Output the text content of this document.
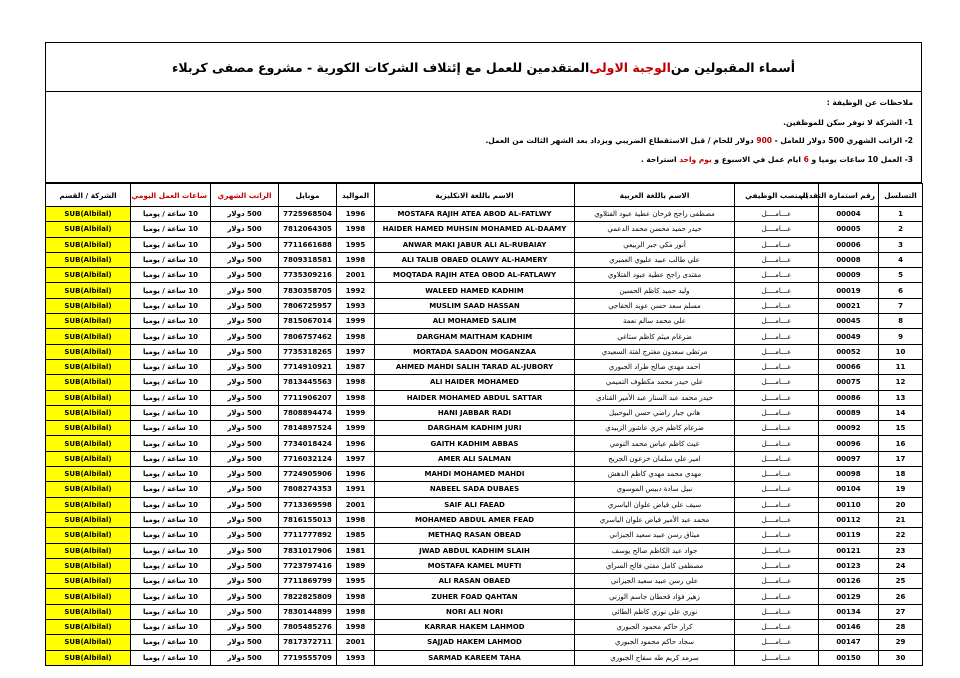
أسماء المقبولين من
الوجبة الاولى
المتقدمين للعمل مع إئتلاف الشركات الكورية - مشروع مصفى كربلاء
ملاحظات عن الوظيفة :
1- الشركة لا توفر سكن للموظفين.
2- الراتب الشهري 500 دولار للعامل - 900 دولار للحام / قبل الاستقطاع الضريبي ويزداد بعد الشهر الثالث من العمل.
3- العمل 10 ساعات يوميا و 6 ايام عمل في الاسبوع و يوم واحد استراحة .
التسلسل	رقم استمارة التقديم	المنصب الوظيفي	الاسم باللغة العربية	الاسم باللغة الانكليزية	المواليد	موبايل	الراتب الشهري	ساعات العمل اليومي	الشركة / القسم
1	00004	عـــامــــل	مصطفى راجح فرحان عطية عبود الفتلاوي	MOSTAFA RAJIH ATEA ABOD AL-FATLWY	1996	7725968504	500 دولار	10 ساعة / يوميا	(Albilal)SUB
2	00005	عـــامــــل	حيدر حميد محسن محمد الدعمي	HAIDER HAMED MUHSIN MOHAMED AL-DAAMY	1998	7812064305	500 دولار	10 ساعة / يوميا	(Albilal)SUB
3	00006	عـــامــــل	أنور مكي جبر الربيعي	ANWAR MAKI JABUR ALI AL-RUBAIAY	1995	7711661688	500 دولار	10 ساعة / يوميا	(Albilal)SUB
4	00008	عـــامــــل	علي طالب عبيد عليوي العميري	ALI TALIB OBAED OLAWY AL-HAMERY	1998	7809318581	500 دولار	10 ساعة / يوميا	(Albilal)SUB
5	00009	عـــامــــل	مقتدى راجح عطية عبود الفتلاوي	MOQTADA RAJIH ATEA OBOD AL-FATLAWY	2001	7735309216	500 دولار	10 ساعة / يوميا	(Albilal)SUB
6	00019	عـــامــــل	وليد حميد كاظم الحسين	WALEED HAMED KADHIM	1992	7830358705	500 دولار	10 ساعة / يوميا	(Albilal)SUB
7	00021	عـــامــــل	مسلم سعد حسن عويد الخفاجي	MUSLIM SAAD HASSAN	1993	7806725957	500 دولار	10 ساعة / يوميا	(Albilal)SUB
8	00045	عـــامــــل	علي محمد سالم نعمة	ALI MOHAMED SALIM	1999	7815067014	500 دولار	10 ساعة / يوميا	(Albilal)SUB
9	00049	عـــامــــل	ضرغام ميثم كاظم ستاغي	DARGHAM MAITHAM KADHIM	1998	7806757462	500 دولار	10 ساعة / يوميا	(Albilal)SUB
10	00052	عـــامــــل	مرتظى سعدون مغترج لفتة السعيدي	MORTADA SAADON MOGANZAA	1997	7735318265	500 دولار	10 ساعة / يوميا	(Albilal)SUB
11	00066	عـــامــــل	احمد مهدي صالح طراد الجبوري	AHMED MAHDI SALIH TARAD AL-JUBORY	1987	7714910921	500 دولار	10 ساعة / يوميا	(Albilal)SUB
12	00075	عـــامــــل	علي حيدر محمد مكطوف التميمي	ALI HAIDER MOHAMED	1998	7813445563	500 دولار	10 ساعة / يوميا	(Albilal)SUB
13	00086	عـــامــــل	حيدر محمد عبد الستار عبد الأمير القنادي	HAIDER MOHAMED ABDUL SATTAR	1998	7711906207	500 دولار	10 ساعة / يوميا	(Albilal)SUB
14	00089	عـــامــــل	هاني جبار راضي حسن البوحبيل	HANI JABBAR RADI	1999	7808894474	500 دولار	10 ساعة / يوميا	(Albilal)SUB
15	00092	عـــامــــل	ضرغام كاظم جري عاشور الزبيدي	DARGHAM KADHIM JURI	1999	7814897524	500 دولار	10 ساعة / يوميا	(Albilal)SUB
16	00096	عـــامــــل	غيث كاظم عباس محمد التومي	GAITH KADHIM ABBAS	1996	7734018424	500 دولار	10 ساعة / يوميا	(Albilal)SUB
17	00097	عـــامــــل	امير علي سلمان خزعون الجريح	AMER ALI SALMAN	1997	7716032124	500 دولار	10 ساعة / يوميا	(Albilal)SUB
18	00098	عـــامــــل	مهدي محمد مهدي كاظم الدهش	MAHDI MOHAMED MAHDI	1996	7724905906	500 دولار	10 ساعة / يوميا	(Albilal)SUB
19	00104	عـــامــــل	نبيل سادة دبيس الموسوي	NABEEL SADA DUBAES	1991	7808274353	500 دولار	10 ساعة / يوميا	(Albilal)SUB
20	00110	عـــامــــل	سيف علي فياض علوان الياسري	SAIF ALI FAEAD	2001	7713369598	500 دولار	10 ساعة / يوميا	(Albilal)SUB
21	00112	عـــامــــل	محمد عبد الأمير فياض علوان الياسري	MOHAMED ABDUL AMER FEAD	1998	7816155013	500 دولار	10 ساعة / يوميا	(Albilal)SUB
22	00119	عـــامــــل	ميثاق رسن عبيد سعيد الجيزاني	METHAQ RASAN OBEAD	1985	7711777892	500 دولار	10 ساعة / يوميا	(Albilal)SUB
23	00121	عـــامــــل	جواد عبد الكاظم صالح يوسف	JWAD ABDUL KADHIM SLAIH	1981	7831017906	500 دولار	10 ساعة / يوميا	(Albilal)SUB
24	00123	عـــامــــل	مصطفى كامل مفتي فالح السراي	MOSTAFA KAMEL MUFTI	1989	7723797416	500 دولار	10 ساعة / يوميا	(Albilal)SUB
25	00126	عـــامــــل	علي رسن عبيد سعيد الجيزاني	ALI RASAN OBAED	1995	7711869799	500 دولار	10 ساعة / يوميا	(Albilal)SUB
26	00129	عـــامــــل	زهير فؤاد قحطان جاسم الوزني	ZUHER FOAD QAHTAN	1998	7822825809	500 دولار	10 ساعة / يوميا	(Albilal)SUB
27	00134	عـــامــــل	نوري علي نوري كاظم الطائي	NORI ALI NORI	1998	7830144899	500 دولار	10 ساعة / يوميا	(Albilal)SUB
28	00146	عـــامــــل	كرار حاكم محمود الجبوري	KARRAR HAKEM LAHMOD	1998	7805485276	500 دولار	10 ساعة / يوميا	(Albilal)SUB
29	00147	عـــامــــل	سجاد حاكم محمود الجبوري	SAJJAD HAKEM LAHMOD	2001	7817372711	500 دولار	10 ساعة / يوميا	(Albilal)SUB
30	00150	عـــامــــل	سرمد كريم طه سفاح الجبوري	SARMAD KAREEM TAHA	1993	7719555709	500 دولار	10 ساعة / يوميا	(Albilal)SUB
